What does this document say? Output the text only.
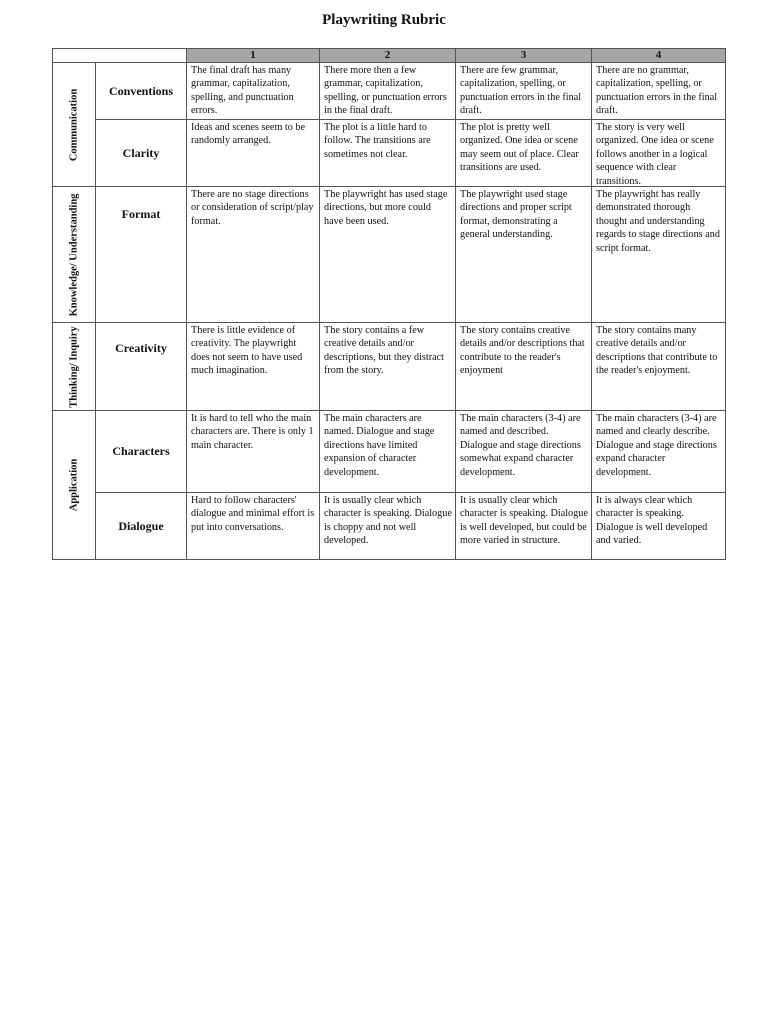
Playwriting Rubric
		1	2	3	4

Communication	Conventions	The final draft has many grammar, capitalization, spelling, and punctuation errors.	There more then a few grammar, capitalization, spelling, or punctuation errors in the final draft.	There are few grammar, capitalization, spelling, or punctuation errors in the final draft.	There are no grammar, capitalization, spelling, or punctuation errors in the final draft.

	Clarity	Ideas and scenes seem to be randomly arranged.	The plot is a little hard to follow. The transitions are sometimes not clear.	The plot is pretty well organized. One idea or scene may seem out of place. Clear transitions are used.	The story is very well organized. One idea or scene follows another in a logical sequence with clear transitions.

Knowledge/ Understanding	Format	There are no stage directions or consideration of script/play format.	The playwright has used stage directions, but more could have been used.	The playwright used stage directions and proper script format, demonstrating a general understanding.	The playwright has really demonstrated thorough thought and understanding regards to stage directions and script format.

Thinking/ Inquiry	Creativity	There is little evidence of creativity. The playwright does not seem to have used much imagination.	The story contains a few creative details and/or descriptions, but they distract from the story.	The story contains creative details and/or descriptions that contribute to the reader's enjoyment	The story contains many creative details and/or descriptions that contribute to the reader's enjoyment.

Application	Characters	It is hard to tell who the main characters are. There is only 1 main character.	The main characters are named. Dialogue and stage directions have limited expansion of character development.	The main characters (3-4) are named and described. Dialogue and stage directions somewhat expand character development.	The main characters (3-4) are named and clearly describe. Dialogue and stage directions expand character development.

	Dialogue	Hard to follow characters' dialogue and minimal effort is put into conversations.	It is usually clear which character is speaking. Dialogue is choppy and not well developed.	It is usually clear which character is speaking. Dialogue is well developed, but could be more varied in structure.	It is always clear which character is speaking. Dialogue is well developed and varied.
